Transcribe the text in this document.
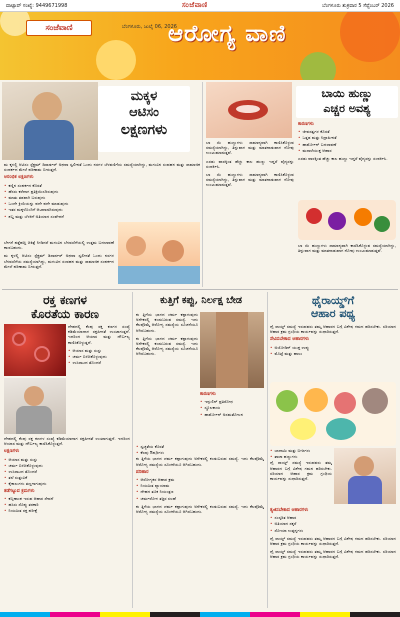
ವಾಟ್ಸಾಪ್ ಸಂಖ್ಯೆ: 9449671998	ಸಂಜೆವಾಣಿ	ಬೆಂಗಳೂರು ಶುಕ್ರವಾರ 5 ಸೆಪ್ಟೆಂಬರ್ 2026
ಸಂಜೆವಾಣಿ	ಬೆಂಗಳೂರು, ಜುಲೈ 06, 2026
ಆರೋಗ್ಯ ವಾಣಿ
ಮಕ್ಕಳ
ಆಟಿಸಂ
ಲಕ್ಷಣಗಳು
ಮ ಕ್ಕಳಲ್ಲಿ ಆಟಿಸಂ ಸ್ಪೆಕ್ಟ್ರಮ್ ಡಿಸಾರ್ಡರ್ ಅಥವಾ ಸ್ವಲೀನತೆ ಒಂದು ನರಗಳ ಬೆಳವಣಿಗೆಯ ಸಮಸ್ಯೆಯಾಗಿದ್ದು, ಮಗುವಿನ ಸಂವಹನ ಮತ್ತು ಸಾಮಾಜಿಕ ಸಂಪರ್ಕದ ಮೇಲೆ ಪರಿಣಾಮ ಬೀರುತ್ತದೆ.
ಆರಂಭಿಕ ಲಕ್ಷಣಗಳು
• ಕಣ್ಣಿನ ಸಂಪರ್ಕದ ಕೊರತೆ
• ಹೆಸರು ಕರೆದಾಗ ಪ್ರತಿಕ್ರಿಯಿಸದಿರುವುದು
• ಮಾತು ತಡವಾಗಿ ಬರುವುದು
• ಒಂದೇ ಕ್ರಿಯೆಯನ್ನು ಪದೇ ಪದೇ ಮಾಡುವುದು
• ಇತರ ಮಕ್ಕಳೊಂದಿಗೆ ಆಟವಾಡದಿರುವುದು
• ಶಬ್ದ ಮತ್ತು ಬೆಳಕಿಗೆ ಅತಿಯಾದ ಸಂವೇದನೆ
ಬೇಗನೆ ಪತ್ತೆಹಚ್ಚಿ ಚಿಕಿತ್ಸೆ ನೀಡಿದರೆ ಮಗುವಿನ ಬೆಳವಣಿಗೆಯಲ್ಲಿ ಉತ್ತಮ ಬದಲಾವಣೆ ಕಾಣಬಹುದು.
ಮ ಕ್ಕಳಲ್ಲಿ ಆಟಿಸಂ ಸ್ಪೆಕ್ಟ್ರಮ್ ಡಿಸಾರ್ಡರ್ ಅಥವಾ ಸ್ವಲೀನತೆ ಒಂದು ನರಗಳ ಬೆಳವಣಿಗೆಯ ಸಮಸ್ಯೆಯಾಗಿದ್ದು, ಮಗುವಿನ ಸಂವಹನ ಮತ್ತು ಸಾಮಾಜಿಕ ಸಂಪರ್ಕದ ಮೇಲೆ ಪರಿಣಾಮ ಬೀರುತ್ತದೆ.
ಬಾಯಿ ಹುಣ್ಣು
ಎಚ್ಚರ ಅವಶ್ಯ
ಕಾರಣಗಳು
• ಜೀವಸತ್ವಗಳ ಕೊರತೆ
• ಒತ್ತಡ ಮತ್ತು ನಿದ್ರಾಹೀನತೆ
• ಹಾರ್ಮೋನ್ ಬದಲಾವಣೆ
• ಮಸಾಲೆಯುಕ್ತ ಆಹಾರ
ಎರಡು ವಾರಕ್ಕಿಂತ ಹೆಚ್ಚು ಕಾಲ ಹುಣ್ಣು ಇದ್ದರೆ ವೈದ್ಯರನ್ನು ಸಂಪರ್ಕಿಸಿ.
ಬಾ ಯಿ ಹುಣ್ಣುಗಳು ಸಾಮಾನ್ಯವಾಗಿ ಕಾಣಿಸಿಕೊಳ್ಳುವ ಸಮಸ್ಯೆಯಾಗಿದ್ದು, ತಿನ್ನುವಾಗ ಮತ್ತು ಮಾತನಾಡುವಾಗ ನೋವು ಉಂಟುಮಾಡುತ್ತವೆ.
ಎರಡು ವಾರಕ್ಕಿಂತ ಹೆಚ್ಚು ಕಾಲ ಹುಣ್ಣು ಇದ್ದರೆ ವೈದ್ಯರನ್ನು ಸಂಪರ್ಕಿಸಿ.
ಬಾ ಯಿ ಹುಣ್ಣುಗಳು ಸಾಮಾನ್ಯವಾಗಿ ಕಾಣಿಸಿಕೊಳ್ಳುವ ಸಮಸ್ಯೆಯಾಗಿದ್ದು, ತಿನ್ನುವಾಗ ಮತ್ತು ಮಾತನಾಡುವಾಗ ನೋವು ಉಂಟುಮಾಡುತ್ತವೆ.
ಬಾ ಯಿ ಹುಣ್ಣುಗಳು ಸಾಮಾನ್ಯವಾಗಿ ಕಾಣಿಸಿಕೊಳ್ಳುವ ಸಮಸ್ಯೆಯಾಗಿದ್ದು, ತಿನ್ನುವಾಗ ಮತ್ತು ಮಾತನಾಡುವಾಗ ನೋವು ಉಂಟುಮಾಡುತ್ತವೆ.
ರಕ್ತ ಕಣಗಳ
ಕೊರತೆಯ ಕಾರಣ
ದೇಹದಲ್ಲಿ ಕೆಂಪು ರಕ್ತ ಕಣಗಳ ಸಂಖ್ಯೆ ಕಡಿಮೆಯಾದಾಗ ರಕ್ತಹೀನತೆ ಉಂಟಾಗುತ್ತದೆ. ಇದರಿಂದ ಆಯಾಸ ಮತ್ತು ದೌರ್ಬಲ್ಯ ಕಾಣಿಸಿಕೊಳ್ಳುತ್ತದೆ.
• ಆಯಾಸ ಮತ್ತು ಸುಸ್ತು
• ಚರ್ಮ ಬಿಳಿಚಿಕೊಳ್ಳುವುದು
• ಉಸಿರಾಟದ ತೊಂದರೆ
ದೇಹದಲ್ಲಿ ಕೆಂಪು ರಕ್ತ ಕಣಗಳ ಸಂಖ್ಯೆ ಕಡಿಮೆಯಾದಾಗ ರಕ್ತಹೀನತೆ ಉಂಟಾಗುತ್ತದೆ. ಇದರಿಂದ ಆಯಾಸ ಮತ್ತು ದೌರ್ಬಲ್ಯ ಕಾಣಿಸಿಕೊಳ್ಳುತ್ತದೆ.
ಲಕ್ಷಣಗಳು
• ಆಯಾಸ ಮತ್ತು ಸುಸ್ತು
• ಚರ್ಮ ಬಿಳಿಚಿಕೊಳ್ಳುವುದು
• ಉಸಿರಾಟದ ತೊಂದರೆ
• ತಲೆ ಸುತ್ತುವಿಕೆ
• ಕೈಕಾಲುಗಳು ತಣ್ಣಗಾಗುವುದು
ತಡೆಗಟ್ಟುವ ಕ್ರಮಗಳು
• ಕಬ್ಬಿಣಾಂಶ ಇರುವ ಆಹಾರ ಸೇವನೆ
• ಹಸಿರು ಸೊಪ್ಪು ತರಕಾರಿ
• ನಿಯಮಿತ ರಕ್ತ ಪರೀಕ್ಷೆ
ಕುತ್ತಿಗೆ ಕಪ್ಪು, ನಿರ್ಲಕ್ಷ ಬೇಡ
ಕು ತ್ತಿಗೆಯ ಭಾಗದ ಚರ್ಮ ಕಪ್ಪಾಗುವುದು ಅನೇಕರಲ್ಲಿ ಕಂಡುಬರುವ ಸಮಸ್ಯೆ. ಇದು ಕೆಲವೊಮ್ಮೆ ಆರೋಗ್ಯ ಸಮಸ್ಯೆಯ ಸೂಚನೆಯೂ ಆಗಿರಬಹುದು.
ಕು ತ್ತಿಗೆಯ ಭಾಗದ ಚರ್ಮ ಕಪ್ಪಾಗುವುದು ಅನೇಕರಲ್ಲಿ ಕಂಡುಬರುವ ಸಮಸ್ಯೆ. ಇದು ಕೆಲವೊಮ್ಮೆ ಆರೋಗ್ಯ ಸಮಸ್ಯೆಯ ಸೂಚನೆಯೂ ಆಗಿರಬಹುದು.
ಕಾರಣಗಳು
• ಇನ್ಸುಲಿನ್ ಪ್ರತಿರೋಧ
• ಸ್ಥೂಲಕಾಯ
• ಹಾರ್ಮೋನ್ ಅಸಮತೋಲನ
• ಸ್ವಚ್ಛತೆಯ ಕೊರತೆ
• ಕೆಲವು ಔಷಧಿಗಳು
ಕು ತ್ತಿಗೆಯ ಭಾಗದ ಚರ್ಮ ಕಪ್ಪಾಗುವುದು ಅನೇಕರಲ್ಲಿ ಕಂಡುಬರುವ ಸಮಸ್ಯೆ. ಇದು ಕೆಲವೊಮ್ಮೆ ಆರೋಗ್ಯ ಸಮಸ್ಯೆಯ ಸೂಚನೆಯೂ ಆಗಿರಬಹುದು.
ಪರಿಹಾರ
• ಆರೋಗ್ಯಕರ ಆಹಾರ ಕ್ರಮ
• ನಿಯಮಿತ ವ್ಯಾಯಾಮ
• ದೇಹದ ತೂಕ ನಿಯಂತ್ರಣ
• ಚರ್ಮರೋಗ ತಜ್ಞರ ಸಲಹೆ
ಕು ತ್ತಿಗೆಯ ಭಾಗದ ಚರ್ಮ ಕಪ್ಪಾಗುವುದು ಅನೇಕರಲ್ಲಿ ಕಂಡುಬರುವ ಸಮಸ್ಯೆ. ಇದು ಕೆಲವೊಮ್ಮೆ ಆರೋಗ್ಯ ಸಮಸ್ಯೆಯ ಸೂಚನೆಯೂ ಆಗಿರಬಹುದು.
ಥೈರಾಯ್ಡ್‌ಗೆ
ಆಹಾರ ಪಥ್ಯ
ಥೈ ರಾಯ್ಡ್ ಸಮಸ್ಯೆ ಇರುವವರು ತಮ್ಮ ಆಹಾರದ ಬಗ್ಗೆ ವಿಶೇಷ ಗಮನ ಹರಿಸಬೇಕು. ಸರಿಯಾದ ಆಹಾರ ಕ್ರಮ ಗ್ರಂಥಿಯ ಕಾರ್ಯವನ್ನು ಸುಧಾರಿಸುತ್ತದೆ.
ಸೇವಿಸಬೇಕಾದ ಆಹಾರಗಳು
• ಅಯೋಡಿನ್ ಯುಕ್ತ ಉಪ್ಪು
• ಮೊಟ್ಟೆ ಮತ್ತು ಹಾಲು
• ಬಾದಾಮಿ ಮತ್ತು ಬೀಜಗಳು
• ತಾಜಾ ಹಣ್ಣುಗಳು
ಥೈ ರಾಯ್ಡ್ ಸಮಸ್ಯೆ ಇರುವವರು ತಮ್ಮ ಆಹಾರದ ಬಗ್ಗೆ ವಿಶೇಷ ಗಮನ ಹರಿಸಬೇಕು. ಸರಿಯಾದ ಆಹಾರ ಕ್ರಮ ಗ್ರಂಥಿಯ ಕಾರ್ಯವನ್ನು ಸುಧಾರಿಸುತ್ತದೆ.
ತ್ಯಜಿಸಬೇಕಾದ ಆಹಾರಗಳು
• ಸಂಸ್ಕರಿತ ಆಹಾರ
• ಅತಿಯಾದ ಸಕ್ಕರೆ
• ಸೋಯಾ ಉತ್ಪನ್ನಗಳು
ಥೈ ರಾಯ್ಡ್ ಸಮಸ್ಯೆ ಇರುವವರು ತಮ್ಮ ಆಹಾರದ ಬಗ್ಗೆ ವಿಶೇಷ ಗಮನ ಹರಿಸಬೇಕು. ಸರಿಯಾದ ಆಹಾರ ಕ್ರಮ ಗ್ರಂಥಿಯ ಕಾರ್ಯವನ್ನು ಸುಧಾರಿಸುತ್ತದೆ.
ಥೈ ರಾಯ್ಡ್ ಸಮಸ್ಯೆ ಇರುವವರು ತಮ್ಮ ಆಹಾರದ ಬಗ್ಗೆ ವಿಶೇಷ ಗಮನ ಹರಿಸಬೇಕು. ಸರಿಯಾದ ಆಹಾರ ಕ್ರಮ ಗ್ರಂಥಿಯ ಕಾರ್ಯವನ್ನು ಸುಧಾರಿಸುತ್ತದೆ.
